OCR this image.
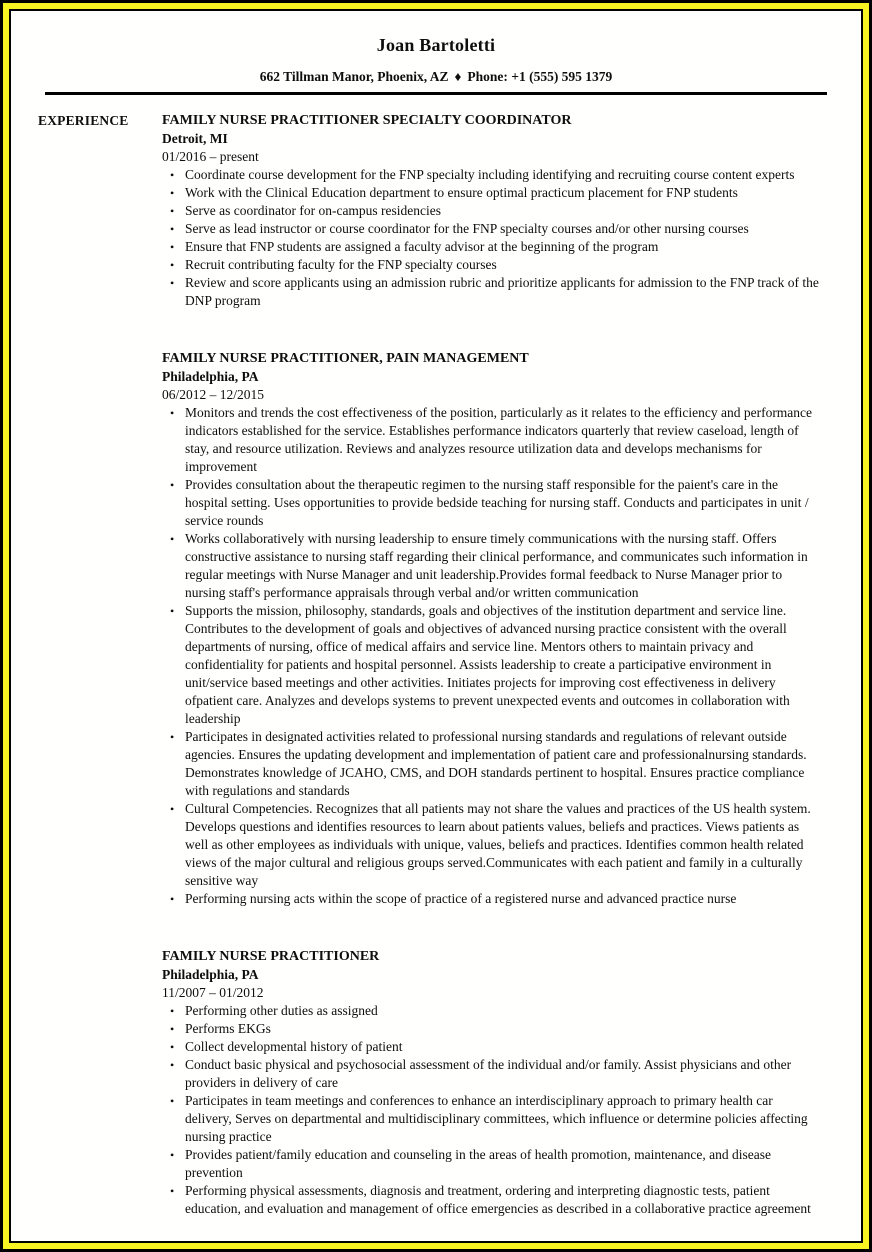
Joan Bartoletti
662 Tillman Manor, Phoenix, AZ ♦ Phone: +1 (555) 595 1379
EXPERIENCE	FAMILY NURSE PRACTITIONER SPECIALTY COORDINATOR
Detroit, MI
01/2016 – present
• Coordinate course development for the FNP specialty including identifying and recruiting course content experts
• Work with the Clinical Education department to ensure optimal practicum placement for FNP students
• Serve as coordinator for on-campus residencies
• Serve as lead instructor or course coordinator for the FNP specialty courses and/or other nursing courses
• Ensure that FNP students are assigned a faculty advisor at the beginning of the program
• Recruit contributing faculty for the FNP specialty courses
• Review and score applicants using an admission rubric and prioritize applicants for admission to the FNP track of the DNP program
FAMILY NURSE PRACTITIONER, PAIN MANAGEMENT
Philadelphia, PA
06/2012 – 12/2015
• Monitors and trends the cost effectiveness of the position, particularly as it relates to the efficiency and performance indicators established for the service. Establishes performance indicators quarterly that review caseload, length of stay, and resource utilization. Reviews and analyzes resource utilization data and develops mechanisms for improvement
• Provides consultation about the therapeutic regimen to the nursing staff responsible for the paient's care in the hospital setting. Uses opportunities to provide bedside teaching for nursing staff. Conducts and participates in unit / service rounds
• Works collaboratively with nursing leadership to ensure timely communications with the nursing staff. Offers constructive assistance to nursing staff regarding their clinical performance, and communicates such information in regular meetings with Nurse Manager and unit leadership.Provides formal feedback to Nurse Manager prior to nursing staff's performance appraisals through verbal and/or written communication
• Supports the mission, philosophy, standards, goals and objectives of the institution department and service line. Contributes to the development of goals and objectives of advanced nursing practice consistent with the overall departments of nursing, office of medical affairs and service line. Mentors others to maintain privacy and confidentiality for patients and hospital personnel. Assists leadership to create a participative environment in unit/service based meetings and other activities. Initiates projects for improving cost effectiveness in delivery ofpatient care. Analyzes and develops systems to prevent unexpected events and outcomes in collaboration with leadership
• Participates in designated activities related to professional nursing standards and regulations of relevant outside agencies. Ensures the updating development and implementation of patient care and professionalnursing standards. Demonstrates knowledge of JCAHO, CMS, and DOH standards pertinent to hospital. Ensures practice compliance with regulations and standards
• Cultural Competencies. Recognizes that all patients may not share the values and practices of the US health system. Develops questions and identifies resources to learn about patients values, beliefs and practices. Views patients as well as other employees as individuals with unique, values, beliefs and practices. Identifies common health related views of the major cultural and religious groups served.Communicates with each patient and family in a culturally sensitive way
• Performing nursing acts within the scope of practice of a registered nurse and advanced practice nurse
FAMILY NURSE PRACTITIONER
Philadelphia, PA
11/2007 – 01/2012
• Performing other duties as assigned
• Performs EKGs
• Collect developmental history of patient
• Conduct basic physical and psychosocial assessment of the individual and/or family. Assist physicians and other providers in delivery of care
• Participates in team meetings and conferences to enhance an interdisciplinary approach to primary health car delivery, Serves on departmental and multidisciplinary committees, which influence or determine policies affecting nursing practice
• Provides patient/family education and counseling in the areas of health promotion, maintenance, and disease prevention
• Performing physical assessments, diagnosis and treatment, ordering and interpreting diagnostic tests, patient education, and evaluation and management of office emergencies as described in a collaborative practice agreement
